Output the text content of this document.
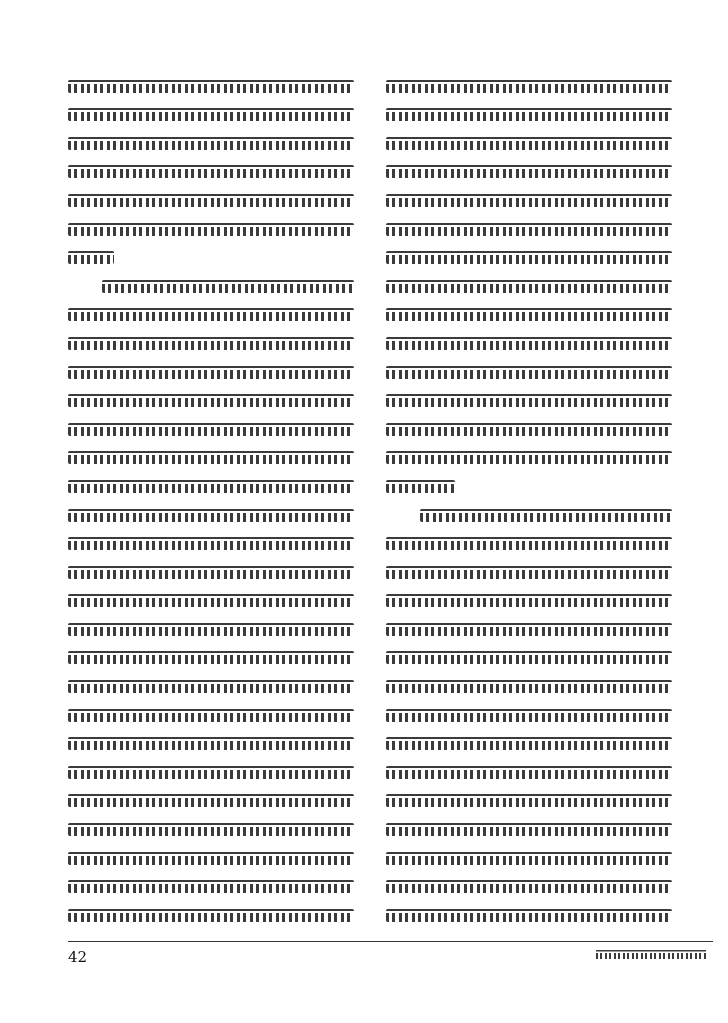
42
